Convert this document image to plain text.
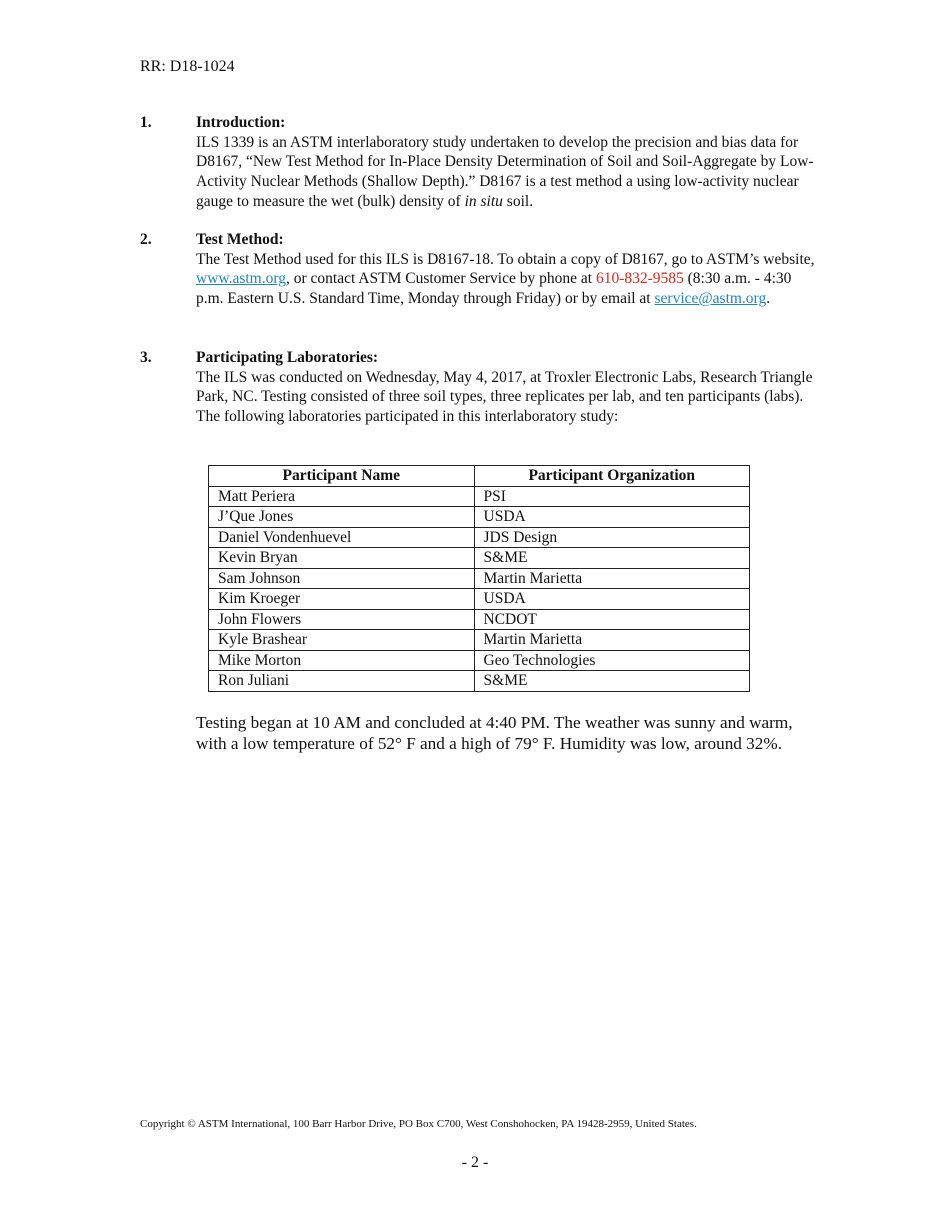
RR: D18-1024
1.	Introduction:
ILS 1339 is an ASTM interlaboratory study undertaken to develop the precision and bias data for D8167, “New Test Method for In-Place Density Determination of Soil and Soil-Aggregate by Low-Activity Nuclear Methods (Shallow Depth).” D8167 is a test method a using low-activity nuclear gauge to measure the wet (bulk) density of in situ soil.
2.	Test Method:
The Test Method used for this ILS is D8167-18. To obtain a copy of D8167, go to ASTM’s website, www.astm.org, or contact ASTM Customer Service by phone at 610-832-9585 (8:30 a.m. - 4:30 p.m. Eastern U.S. Standard Time, Monday through Friday) or by email at service@astm.org.
3.	Participating Laboratories:
The ILS was conducted on Wednesday, May 4, 2017, at Troxler Electronic Labs, Research Triangle Park, NC. Testing consisted of three soil types, three replicates per lab, and ten participants (labs). The following laboratories participated in this interlaboratory study:
Participant Name	Participant Organization
Matt Periera	PSI
J’Que Jones	USDA
Daniel Vondenhuevel	JDS Design
Kevin Bryan	S&ME
Sam Johnson	Martin Marietta
Kim Kroeger	USDA
John Flowers	NCDOT
Kyle Brashear	Martin Marietta
Mike Morton	Geo Technologies
Ron Juliani	S&ME
Testing began at 10 AM and concluded at 4:40 PM. The weather was sunny and warm, with a low temperature of 52° F and a high of 79° F. Humidity was low, around 32%.
Copyright © ASTM International, 100 Barr Harbor Drive, PO Box C700, West Conshohocken, PA 19428-2959, United States.
- 2 -
